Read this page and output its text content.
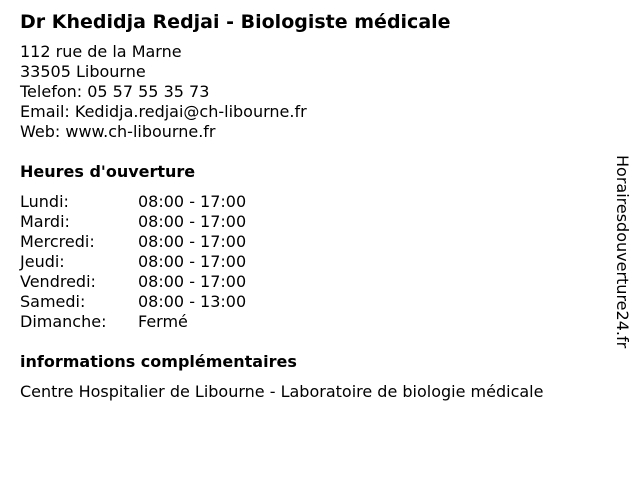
Dr Khedidja Redjai - Biologiste médicale
112 rue de la Marne
33505 Libourne
Telefon: 05 57 55 35 73
Email: Kedidja.redjai@ch-libourne.fr
Web: www.ch-libourne.fr
Heures d'ouverture
Lundi:	08:00 - 17:00
Mardi:	08:00 - 17:00
Mercredi:	08:00 - 17:00
Jeudi:	08:00 - 17:00
Vendredi:	08:00 - 17:00
Samedi:	08:00 - 13:00
Dimanche:	Fermé
informations complémentaires
Centre Hospitalier de Libourne - Laboratoire de biologie médicale
Horairesdouverture24.fr
